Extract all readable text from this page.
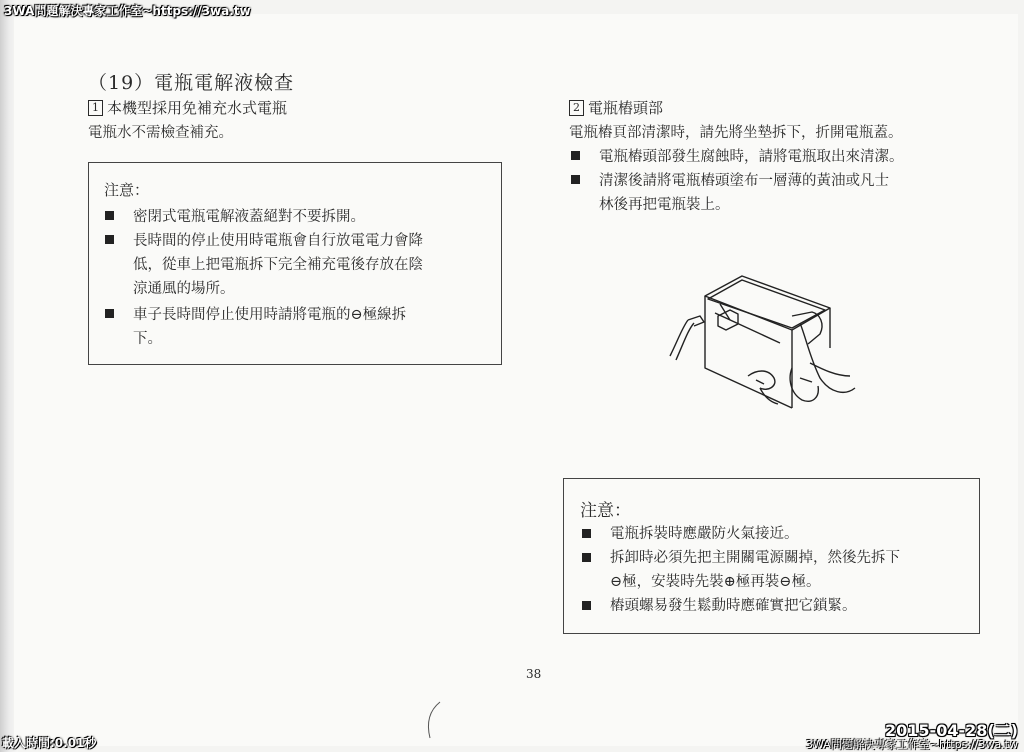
3WA問題解決專家工作室~https://3wa.tw
（19）電瓶電解液檢查
1 本機型採用免補充水式電瓶
電瓶水不需檢查補充。
注意：
密閉式電瓶電解液蓋絕對不要拆開。
長時間的停止使用時電瓶會自行放電電力會降
低，從車上把電瓶拆下完全補充電後存放在陰
涼通風的場所。
車子長時間停止使用時請將電瓶的⊖極線拆
下。
2 電瓶樁頭部
電瓶樁頁部清潔時，請先將坐墊拆下，折開電瓶蓋。
電瓶樁頭部發生腐蝕時，請將電瓶取出來清潔。
清潔後請將電瓶樁頭塗布一層薄的黃油或凡士
林後再把電瓶裝上。
注意：
電瓶拆裝時應嚴防火氣接近。
拆卸時必須先把主開關電源關掉，然後先拆下
⊖極，安裝時先裝⊕極再裝⊖極。
樁頭螺易發生鬆動時應確實把它鎖緊。
38
載入時間:0.01秒
2015-04-28(二)
3WA問題解決專家工作室~https://3wa.tw
